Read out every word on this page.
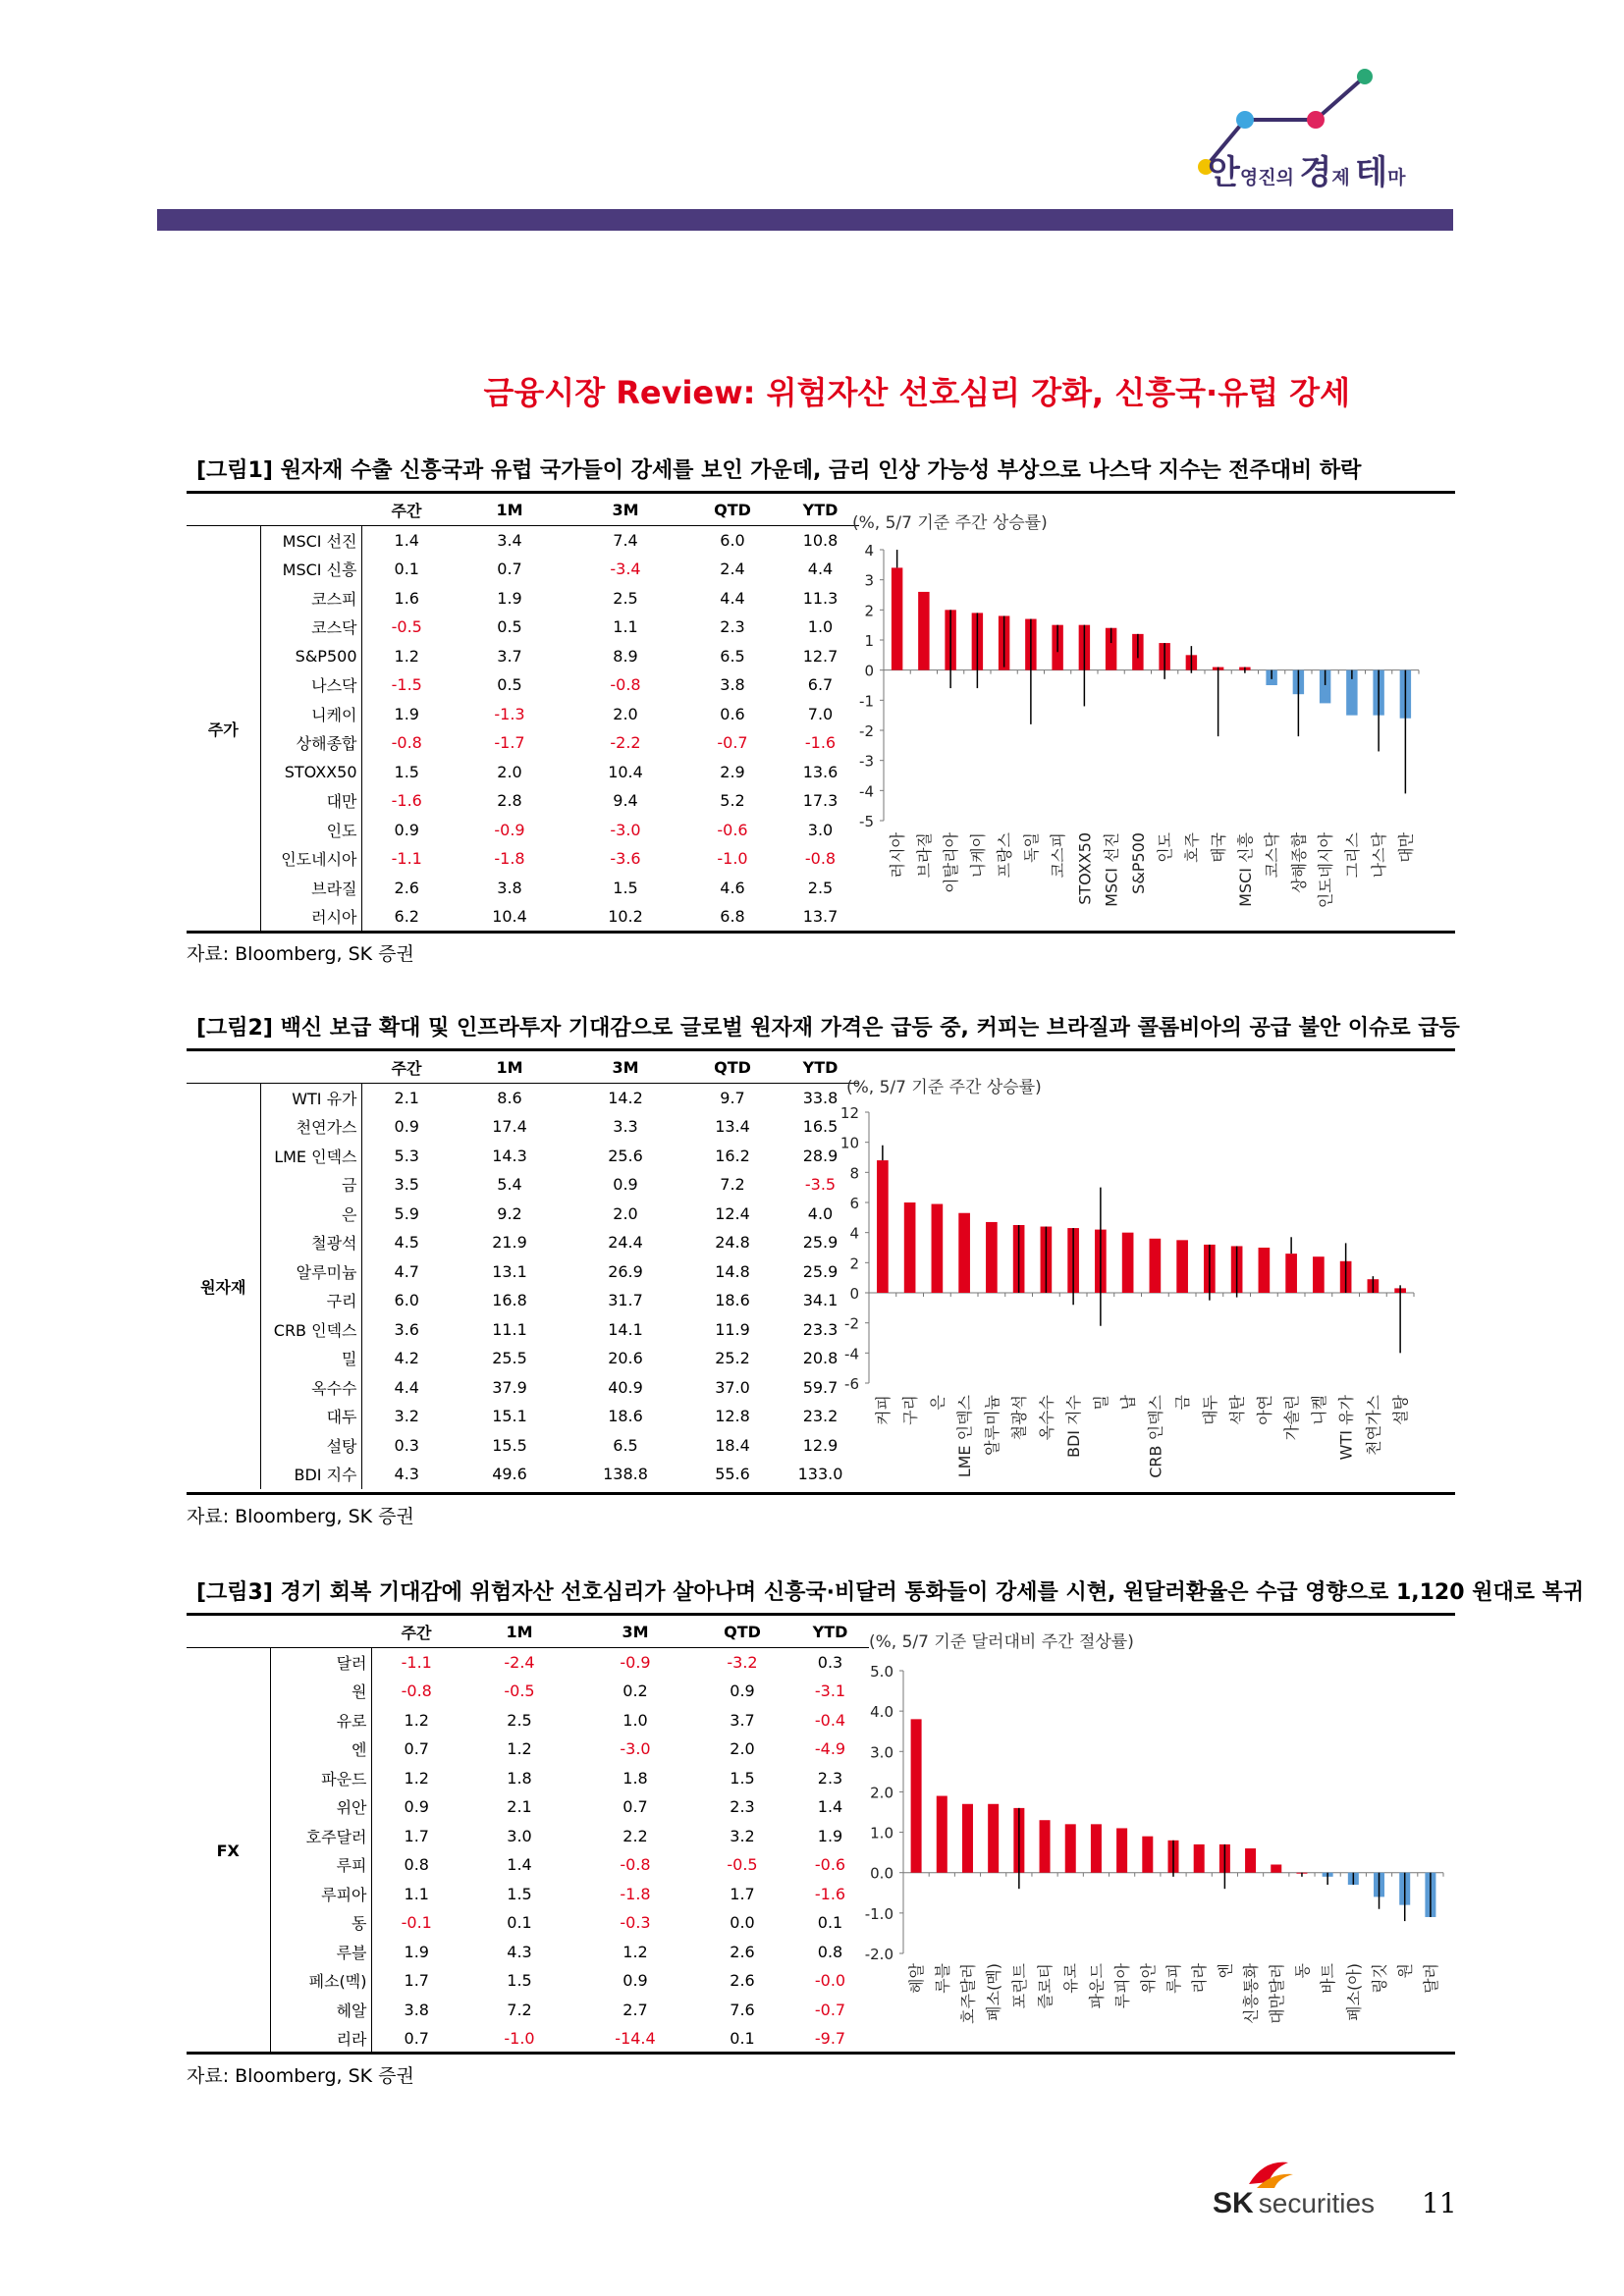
안영진의 경제 테마
금융시장 Review: 위험자산 선호심리 강화, 신흥국·유럽 강세
[그림1] 원자재 수출 신흥국과 유럽 국가들이 강세를 보인 가운데, 금리 인상 가능성 부상으로 나스닥 지수는 전주대비 하락
		주간	1M	3M	QTD	YTD
주가	MSCI 선진	1.4	3.4	7.4	6.0	10.8
	MSCI 신흥	0.1	0.7	-3.4	2.4	4.4
	코스피	1.6	1.9	2.5	4.4	11.3
	코스닥	-0.5	0.5	1.1	2.3	1.0
	S&P500	1.2	3.7	8.9	6.5	12.7
	나스닥	-1.5	0.5	-0.8	3.8	6.7
	니케이	1.9	-1.3	2.0	0.6	7.0
	상해종합	-0.8	-1.7	-2.2	-0.7	-1.6
	STOXX50	1.5	2.0	10.4	2.9	13.6
	대만	-1.6	2.8	9.4	5.2	17.3
	인도	0.9	-0.9	-3.0	-0.6	3.0
	인도네시아	-1.1	-1.8	-3.6	-1.0	-0.8
	브라질	2.6	3.8	1.5	4.6	2.5
	러시아	6.2	10.4	10.2	6.8	13.7
(%, 5/7 기준 주간 상승률)
-5
-4
-3
-2
-1
0
1
2
3
4
러시아 브라질 이탈리아 니케이 프랑스 독일 코스피 STOXX50 MSCI 선진 S&P500 인도 호주 태국 MSCI 신흥 코스닥 상해종합 인도네시아 그리스 나스닥 대만
자료: Bloomberg, SK 증권
[그림2] 백신 보급 확대 및 인프라투자 기대감으로 글로벌 원자재 가격은 급등 중, 커피는 브라질과 콜롬비아의 공급 불안 이슈로 급등
		주간	1M	3M	QTD	YTD
원자재	WTI 유가	2.1	8.6	14.2	9.7	33.8
	천연가스	0.9	17.4	3.3	13.4	16.5
	LME 인덱스	5.3	14.3	25.6	16.2	28.9
	금	3.5	5.4	0.9	7.2	-3.5
	은	5.9	9.2	2.0	12.4	4.0
	철광석	4.5	21.9	24.4	24.8	25.9
	알루미늄	4.7	13.1	26.9	14.8	25.9
	구리	6.0	16.8	31.7	18.6	34.1
	CRB 인덱스	3.6	11.1	14.1	11.9	23.3
	밀	4.2	25.5	20.6	25.2	20.8
	옥수수	4.4	37.9	40.9	37.0	59.7
	대두	3.2	15.1	18.6	12.8	23.2
	설탕	0.3	15.5	6.5	18.4	12.9
	BDI 지수	4.3	49.6	138.8	55.6	133.0
(%, 5/7 기준 주간 상승률)
-6
-4
-2
0
2
4
6
8
10
12
커피 구리 은 LME 인덱스 알루미늄 철광석 옥수수 BDI 지수 밀 납 CRB 인덱스 금 대두 석탄 아연 가솔린 니켈 WTI 유가 천연가스 설탕
자료: Bloomberg, SK 증권
[그림3] 경기 회복 기대감에 위험자산 선호심리가 살아나며 신흥국·비달러 통화들이 강세를 시현, 원달러환율은 수급 영향으로 1,120 원대로 복귀
		주간	1M	3M	QTD	YTD
FX	달러	-1.1	-2.4	-0.9	-3.2	0.3
	원	-0.8	-0.5	0.2	0.9	-3.1
	유로	1.2	2.5	1.0	3.7	-0.4
	엔	0.7	1.2	-3.0	2.0	-4.9
	파운드	1.2	1.8	1.8	1.5	2.3
	위안	0.9	2.1	0.7	2.3	1.4
	호주달러	1.7	3.0	2.2	3.2	1.9
	루피	0.8	1.4	-0.8	-0.5	-0.6
	루피아	1.1	1.5	-1.8	1.7	-1.6
	동	-0.1	0.1	-0.3	0.0	0.1
	루블	1.9	4.3	1.2	2.6	0.8
	페소(멕)	1.7	1.5	0.9	2.6	-0.0
	헤알	3.8	7.2	2.7	7.6	-0.7
	리라	0.7	-1.0	-14.4	0.1	-9.7
(%, 5/7 기준 달러대비 주간 절상률)
-2.0
-1.0
0.0
1.0
2.0
3.0
4.0
5.0
헤알 루블 호주달러 페소(멕) 포린트 즐로티 유로 파운드 루피아 위안 루피 리라 엔 신흥통화 대만달러 동 바트 페소(아) 링깃 원 달러
자료: Bloomberg, SK 증권
SK securities 11
